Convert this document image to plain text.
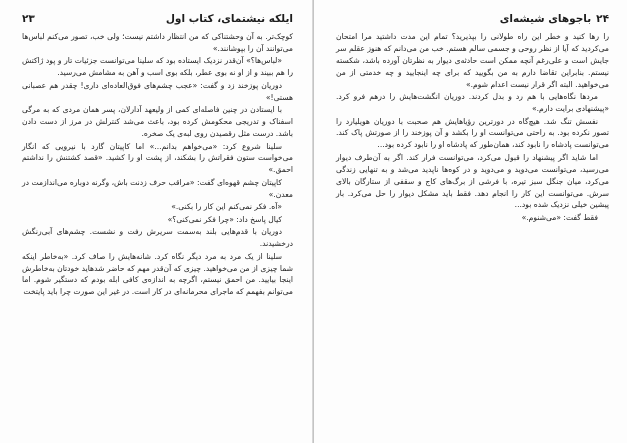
ایلکه نیشتمای، کتاب اول
۲۳

کوچک‌تر. به آن وحشتناکی که من انتظار داشتم نیست؛ ولی خب، تصور می‌کنم لباس‌ها می‌توانند آن را بپوشانند.»

«لباس‌ها؟» آن‌قدر نزدیک ایستاده بود که سلینا می‌توانست جزئیات تار و پود ژاکتش را هم ببیند و از او نه بوی عطر، بلکه بوی اسب و آهن به مشامش می‌رسید.

دوریان پوزخند زد و گفت: «عجب چشم‌های فوق‌العاده‌ای داری! چقدر هم عصبانی هستی!»

با ایستادن در چنین فاصله‌ای کمی از ولیعهد آدارلان، پسر همان مردی که به مرگی اسفناک و تدریجی محکومش کرده بود، باعث می‌شد کنترلش در مرز از دست دادن باشد. درست مثل رقصیدن روی لبه‌ی یک صخره.

سلینا شروع کرد: «می‌خواهم بدانم...» اما کاپیتان گارد با نیرویی که انگار می‌خواست ستون فقراتش را بشکند، از پشت او را کشید. «قصد کشتنش را نداشتم احمق.»

کاپیتان چشم قهوه‌ای گفت: «مراقب حرف زدنت باش، وگرنه دوباره می‌اندازمت در معدن.»

«آه. فکر نمی‌کنم این کار را بکنی.»

کیال پاسخ داد: «چرا فکر نمی‌کنی؟»

دوریان با قدم‌هایی بلند به‌سمت سریرش رفت و نشست. چشم‌های آبی‌رنگش درخشیدند.

سلینا از یک مرد به مرد دیگر نگاه کرد. شانه‌هایش را صاف کرد. «به‌خاطر اینکه شما چیزی از من می‌خواهید. چیزی که آن‌قدر مهم که حاضر شدهاید خودتان به‌خاطرش اینجا بیایید. من احمق نیستم، اگرچه به اندازه‌ی کافی ابله بودم که دستگیر شوم. اما می‌توانم بفهمم که ماجرای محرمانه‌ای در کار است. در غیر این صورت چرا باید پایتخت

۲۴
باجوهای شیشه‌ای

را رها کنید و خطر این راه طولانی را بپذیرید؟ تمام این مدت داشتید مرا امتحان می‌کردید که آیا از نظر روحی و جسمی سالم هستم. خب من می‌دانم که هنوز عقلم سر جایش است و علی‌رغم آنچه ممکن است حادثه‌ی دیوار به نظرتان آورده باشد، شکسته نیستم. بنابراین تقاضا دارم به من بگویید که برای چه اینجایید و چه خدمتی از من می‌خواهید. البته اگر قرار نیست اعدام شوم.»

مردها نگاه‌هایی با هم رد و بدل کردند. دوریان انگشت‌هایش را درهم فرو کرد. «پیشنهادی برایت دارم.»

نفسش تنگ شد. هیچ‌گاه در دورترین رؤیاهایش هم صحبت با دوریان هویلیارد را تصور نکرده بود. به راحتی می‌توانست او را بکشد و آن پوزخند را از صورتش پاک کند. می‌توانست پادشاه را نابود کند، همان‌طور که پادشاه او را نابود کرده بود...

اما شاید اگر پیشنهاد را قبول می‌کرد، می‌توانست فرار کند. اگر به آن‌طرف دیوار می‌رسید، می‌توانست می‌دوید و می‌دوید و در کوه‌ها ناپدید می‌شد و به تنهایی زندگی می‌کرد، میان جنگل سبز تیره، با فرشی از برگ‌های کاج و سقفی از ستارگان بالای سرش. می‌توانست این کار را انجام دهد. فقط باید مشکل دیوار را حل می‌کرد. بار پیشین خیلی نزدیک شده بود...

فقط گفت: «می‌شنوم.»
